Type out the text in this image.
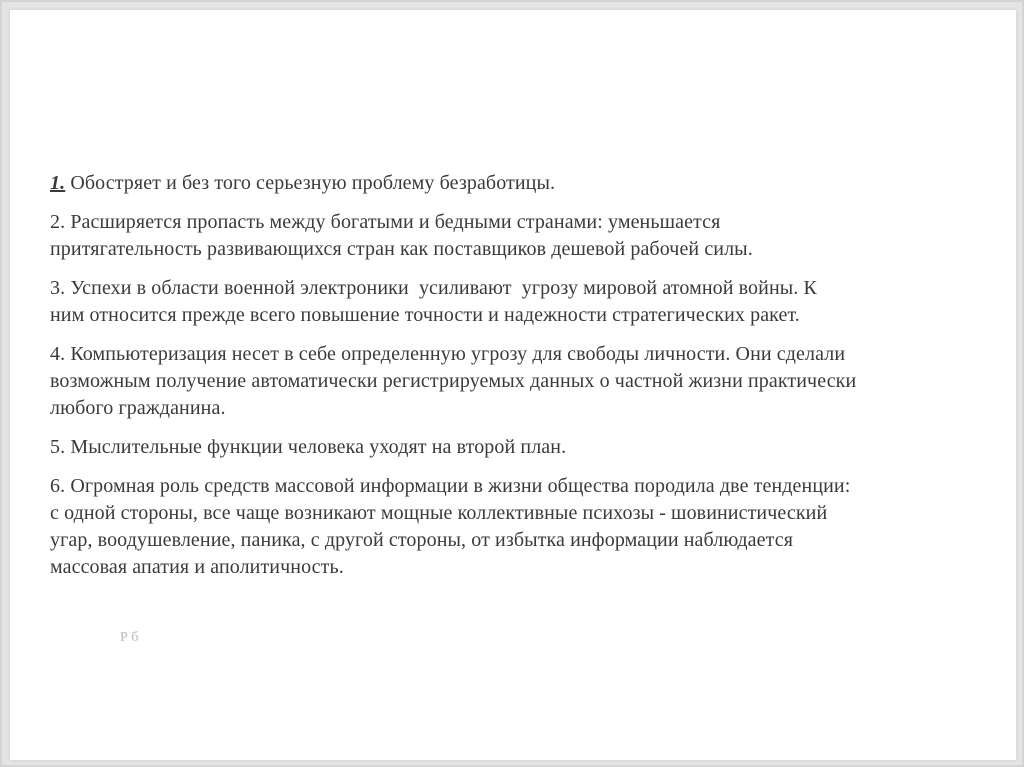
1. Обостряет и без того серьезную проблему безработицы.

2. Расширяется пропасть между богатыми и бедными странами: уменьшается

притягательность развивающихся стран как поставщиков дешевой рабочей силы.

3. Успехи в области военной электроники  усиливают  угрозу мировой атомной войны. К

ним относится прежде всего повышение точности и надежности стратегических ракет.

4. Компьютеризация несет в себе определенную угрозу для свободы личности. Они сделали

возможным получение автоматически регистрируемых данных о частной жизни практически

любого гражданина.

5. Мыслительные функции человека уходят на второй план.

6. Огромная роль средств массовой информации в жизни общества породила две тенденции:

с одной стороны, все чаще возникают мощные коллективные психозы - шовинистический

угар, воодушевление, паника, с другой стороны, от избытка информации наблюдается

массовая апатия и аполитичность.

Р б
